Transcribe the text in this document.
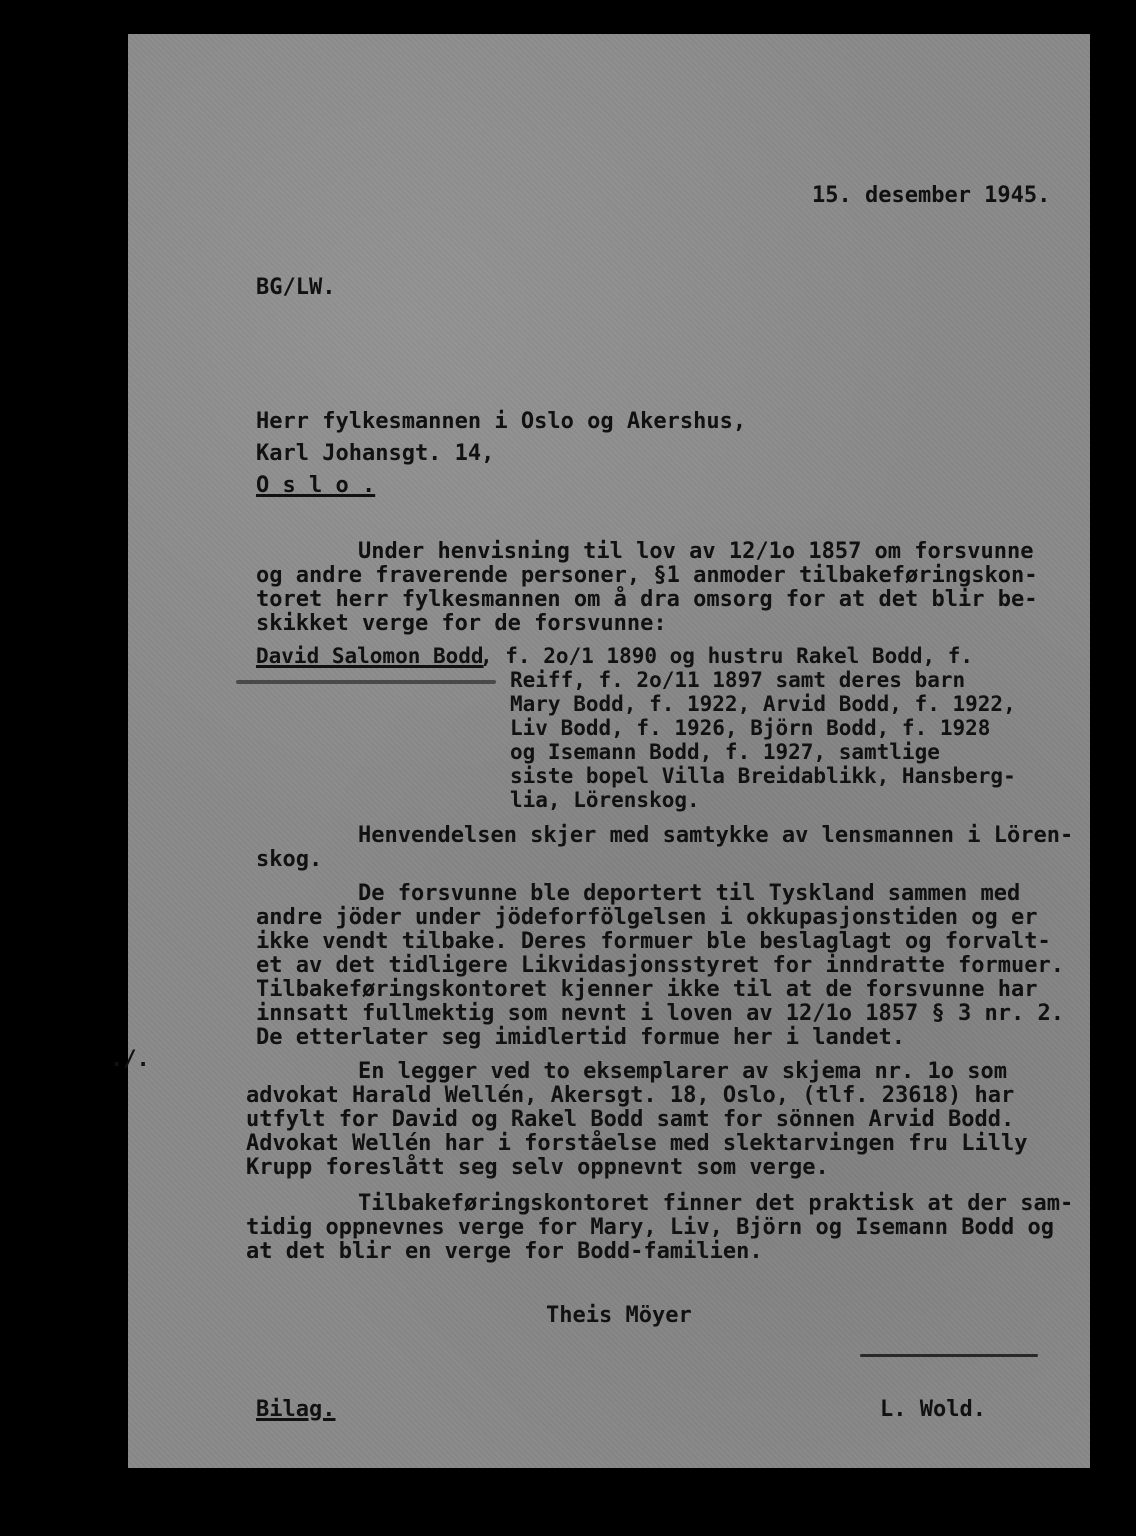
15. desember 1945.
BG/LW.
Herr fylkesmannen i Oslo og Akershus,
Karl Johansgt. 14,
O s l o .
Under henvisning til lov av 12/1o 1857 om forsvunne
og andre fraverende personer, §1 anmoder tilbakeføringskon-
toret herr fylkesmannen om å dra omsorg for at det blir be-
skikket verge for de forsvunne:
David Salomon Bodd
, f. 2o/1 1890 og hustru Rakel Bodd, f.
Reiff, f. 2o/11 1897 samt deres barn
Mary Bodd, f. 1922, Arvid Bodd, f. 1922,
Liv Bodd, f. 1926, Björn Bodd, f. 1928
og Isemann Bodd, f. 1927, samtlige
siste bopel Villa Breidablikk, Hansberg-
lia, Lörenskog.
Henvendelsen skjer med samtykke av lensmannen i Lören-
skog.
De forsvunne ble deportert til Tyskland sammen med
andre jöder under jödeforfölgelsen i okkupasjonstiden og er
ikke vendt tilbake. Deres formuer ble beslaglagt og forvalt-
et av det tidligere Likvidasjonsstyret for inndratte formuer.
Tilbakeføringskontoret kjenner ikke til at de forsvunne har
innsatt fullmektig som nevnt i loven av 12/1o 1857 § 3 nr. 2.
De etterlater seg imidlertid formue her i landet.
./.	En legger ved to eksemplarer av skjema nr. 1o som
advokat Harald Wellén, Akersgt. 18, Oslo, (tlf. 23618) har
utfylt for David og Rakel Bodd samt for sönnen Arvid Bodd.
Advokat Wellén har i forståelse med slektarvingen fru Lilly
Krupp foreslått seg selv oppnevnt som verge.
Tilbakeføringskontoret finner det praktisk at der sam-
tidig oppnevnes verge for Mary, Liv, Björn og Isemann Bodd og
at det blir en verge for Bodd-familien.
Theis Möyer
Bilag.	L. Wold.
